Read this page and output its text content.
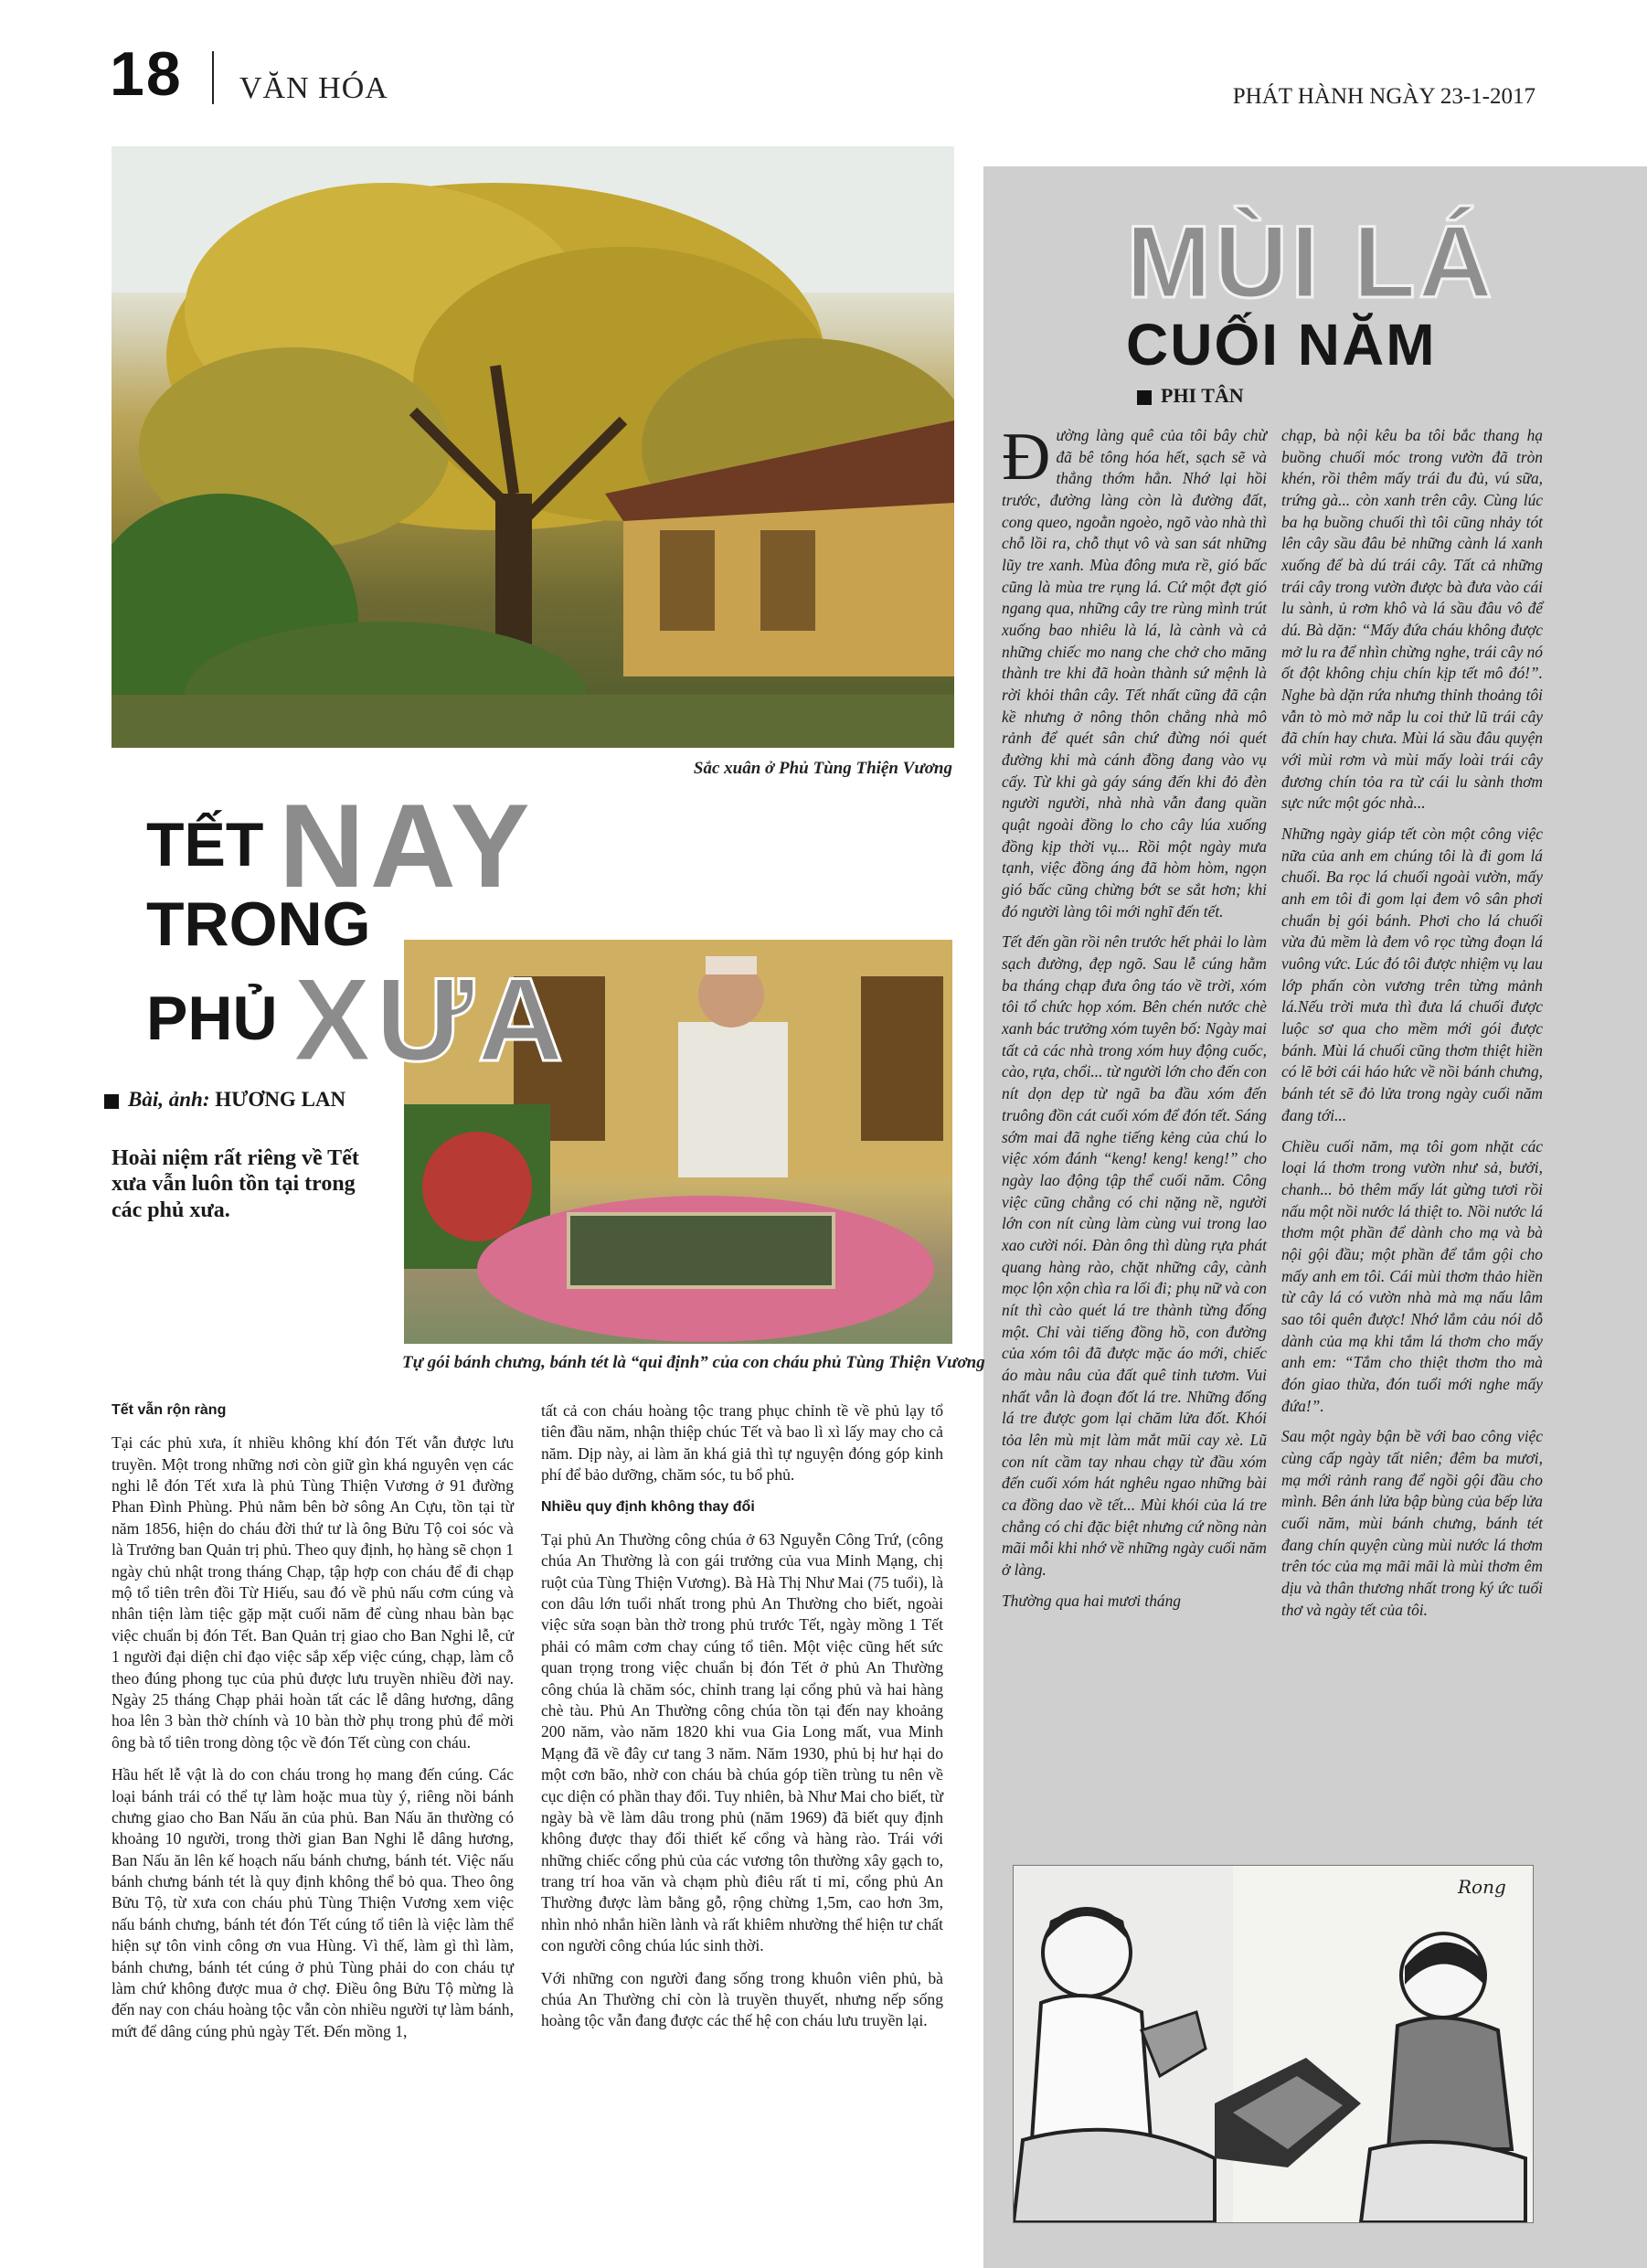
18 VĂN HÓA	PHÁT HÀNH NGÀY 23-1-2017
Sắc xuân ở Phủ Tùng Thiện Vương
NAY
TẾT
TRONG
Tự gói bánh chưng, bánh tét là “qui định” của con cháu phủ Tùng Thiện Vương
XƯA
PHỦ
Bài, ảnh: HƯƠNG LAN
Hoài niệm rất riêng về Tết xưa vẫn luôn tồn tại trong các phủ xưa.
Tết vẫn rộn ràng

Tại các phủ xưa, ít nhiều không khí đón Tết vẫn được lưu truyền. Một trong những nơi còn giữ gìn khá nguyên vẹn các nghi lễ đón Tết xưa là phủ Tùng Thiện Vương ở 91 đường Phan Đình Phùng. Phủ nằm bên bờ sông An Cựu, tồn tại từ năm 1856, hiện do cháu đời thứ tư là ông Bửu Tộ coi sóc và là Trưởng ban Quản trị phủ. Theo quy định, họ hàng sẽ chọn 1 ngày chủ nhật trong tháng Chạp, tập hợp con cháu để đi chạp mộ tổ tiên trên đồi Từ Hiếu, sau đó về phủ nấu cơm cúng và nhân tiện làm tiệc gặp mặt cuối năm để cùng nhau bàn bạc việc chuẩn bị đón Tết. Ban Quản trị giao cho Ban Nghi lễ, cử 1 người đại diện chỉ đạo việc sắp xếp việc cúng, chạp, làm cỗ theo đúng phong tục của phủ được lưu truyền nhiều đời nay. Ngày 25 tháng Chạp phải hoàn tất các lễ dâng hương, dâng hoa lên 3 bàn thờ chính và 10 bàn thờ phụ trong phủ để mời ông bà tổ tiên trong dòng tộc về đón Tết cùng con cháu.

Hầu hết lễ vật là do con cháu trong họ mang đến cúng. Các loại bánh trái có thể tự làm hoặc mua tùy ý, riêng nồi bánh chưng giao cho Ban Nấu ăn của phủ. Ban Nấu ăn thường có khoảng 10 người, trong thời gian Ban Nghi lễ dâng hương, Ban Nấu ăn lên kế hoạch nấu bánh chưng, bánh tét. Việc nấu bánh chưng bánh tét là quy định không thể bỏ qua. Theo ông Bửu Tộ, từ xưa con cháu phủ Tùng Thiện Vương xem việc nấu bánh chưng, bánh tét đón Tết cúng tổ tiên là việc làm thể hiện sự tôn vinh công ơn vua Hùng. Vì thế, làm gì thì làm, bánh chưng, bánh tét cúng ở phủ Tùng phải do con cháu tự làm chứ không được mua ở chợ. Điều ông Bửu Tộ mừng là đến nay con cháu hoàng tộc vẫn còn nhiều người tự làm bánh, mứt để dâng cúng phủ ngày Tết. Đến mồng 1,

tất cả con cháu hoàng tộc trang phục chỉnh tề về phủ lạy tổ tiên đầu năm, nhận thiệp chúc Tết và bao lì xì lấy may cho cả năm. Dịp này, ai làm ăn khá giả thì tự nguyện đóng góp kinh phí để bảo dưỡng, chăm sóc, tu bổ phủ.

Nhiều quy định không thay đổi

Tại phủ An Thường công chúa ở 63 Nguyễn Công Trứ, (công chúa An Thường là con gái trưởng của vua Minh Mạng, chị ruột của Tùng Thiện Vương). Bà Hà Thị Như Mai (75 tuổi), là con dâu lớn tuổi nhất trong phủ An Thường cho biết, ngoài việc sửa soạn bàn thờ trong phủ trước Tết, ngày mồng 1 Tết phải có mâm cơm chay cúng tổ tiên. Một việc cũng hết sức quan trọng trong việc chuẩn bị đón Tết ở phủ An Thường công chúa là chăm sóc, chỉnh trang lại cổng phủ và hai hàng chè tàu. Phủ An Thường công chúa tồn tại đến nay khoảng 200 năm, vào năm 1820 khi vua Gia Long mất, vua Minh Mạng đã về đây cư tang 3 năm. Năm 1930, phủ bị hư hại do một cơn bão, nhờ con cháu bà chúa góp tiền trùng tu nên về cục diện có phần thay đổi. Tuy nhiên, bà Như Mai cho biết, từ ngày bà về làm dâu trong phủ (năm 1969) đã biết quy định không được thay đổi thiết kế cổng và hàng rào. Trái với những chiếc cổng phủ của các vương tôn thường xây gạch to, trang trí hoa văn và chạm phù điêu rất tỉ mỉ, cổng phủ An Thường được làm bằng gỗ, rộng chừng 1,5m, cao hơn 3m, nhìn nhỏ nhắn hiền lành và rất khiêm nhường thể hiện tư chất con người công chúa lúc sinh thời.

Với những con người đang sống trong khuôn viên phủ, bà chúa An Thường chỉ còn là truyền thuyết, nhưng nếp sống hoàng tộc vẫn đang được các thế hệ con cháu lưu truyền lại.

MÙI LÁ
CUỐI NĂM
PHI TÂN

Đường làng quê của tôi bây chừ đã bê tông hóa hết, sạch sẽ và thẳng thớm hẳn. Nhớ lại hồi trước, đường làng còn là đường đất, cong queo, ngoằn ngoèo, ngõ vào nhà thì chỗ lồi ra, chỗ thụt vô và san sát những lũy tre xanh. Mùa đông mưa rề, gió bấc cũng là mùa tre rụng lá. Cứ một đợt gió ngang qua, những cây tre rùng mình trút xuống bao nhiêu là lá, là cành và cả những chiếc mo nang che chở cho măng thành tre khi đã hoàn thành sứ mệnh là rời khỏi thân cây. Tết nhất cũng đã cận kề nhưng ở nông thôn chẳng nhà mô rảnh để quét sân chứ đừng nói quét đường khi mà cánh đồng đang vào vụ cấy. Từ khi gà gáy sáng đến khi đỏ đèn người người, nhà nhà vẫn đang quần quật ngoài đồng lo cho cây lúa xuống đồng kịp thời vụ... Rồi một ngày mưa tạnh, việc đồng áng đã hòm hòm, ngọn gió bấc cũng chừng bớt se sắt hơn; khi đó người làng tôi mới nghĩ đến tết.

Tết đến gần rồi nên trước hết phải lo làm sạch đường, đẹp ngõ. Sau lễ cúng hằm ba tháng chạp đưa ông táo về trời, xóm tôi tổ chức họp xóm. Bên chén nước chè xanh bác trưởng xóm tuyên bố: Ngày mai tất cả các nhà trong xóm huy động cuốc, cào, rựa, chổi... từ người lớn cho đến con nít dọn dẹp từ ngã ba đầu xóm đến truông đồn cát cuối xóm để đón tết. Sáng sớm mai đã nghe tiếng kẻng của chú lo việc xóm đánh “keng! keng! keng!” cho ngày lao động tập thể cuối năm. Công việc cũng chẳng có chi nặng nề, người lớn con nít cùng làm cùng vui trong lao xao cười nói. Đàn ông thì dùng rựa phát quang hàng rào, chặt những cây, cành mọc lộn xộn chìa ra lối đi; phụ nữ và con nít thì cào quét lá tre thành từng đống một. Chỉ vài tiếng đồng hồ, con đường của xóm tôi đã được mặc áo mới, chiếc áo màu nâu của đất quê tinh tươm. Vui nhất vẫn là đoạn đốt lá tre. Những đống lá tre được gom lại chăm lửa đốt. Khói tỏa lên mù mịt làm mắt mũi cay xè. Lũ con nít cầm tay nhau chạy từ đầu xóm đến cuối xóm hát nghêu ngao những bài ca đồng dao về tết... Mùi khói của lá tre chẳng có chi đặc biệt nhưng cứ nồng nàn mãi mỗi khi nhớ về những ngày cuối năm ở làng.

Thường qua hai mươi tháng

chạp, bà nội kêu ba tôi bắc thang hạ buồng chuối móc trong vườn đã tròn khén, rồi thêm mấy trái đu đủ, vú sữa, trứng gà... còn xanh trên cây. Cùng lúc ba hạ buồng chuối thì tôi cũng nhảy tót lên cây sầu đâu bẻ những cành lá xanh xuống để bà dú trái cây. Tất cả những trái cây trong vườn được bà đưa vào cái lu sành, ủ rơm khô và lá sầu đâu vô để dú. Bà dặn: “Mấy đứa cháu không được mở lu ra để nhìn chừng nghe, trái cây nó ốt đột không chịu chín kịp tết mô đó!”. Nghe bà dặn rứa nhưng thỉnh thoảng tôi vẫn tò mò mở nắp lu coi thử lũ trái cây đã chín hay chưa. Mùi lá sầu đâu quyện với mùi rơm và mùi mấy loài trái cây đương chín tỏa ra từ cái lu sành thơm sực nức một góc nhà...

Những ngày giáp tết còn một công việc nữa của anh em chúng tôi là đi gom lá chuối. Ba rọc lá chuối ngoài vườn, mấy anh em tôi đi gom lại đem vô sân phơi chuẩn bị gói bánh. Phơi cho lá chuối vừa đủ mềm là đem vô rọc từng đoạn lá vuông vức. Lúc đó tôi được nhiệm vụ lau lớp phấn còn vương trên từng mảnh lá.Nếu trời mưa thì đưa lá chuối được luộc sơ qua cho mềm mới gói được bánh. Mùi lá chuối cũng thơm thiệt hiền có lẽ bởi cái háo hức về nồi bánh chưng, bánh tét sẽ đỏ lửa trong ngày cuối năm đang tới...

Chiều cuối năm, mạ tôi gom nhặt các loại lá thơm trong vườn như sả, bưởi, chanh... bỏ thêm mấy lát gừng tươi rồi nấu một nồi nước lá thiệt to. Nồi nước lá thơm một phần để dành cho mạ và bà nội gội đầu; một phần để tắm gội cho mấy anh em tôi. Cái mùi thơm thảo hiền từ cây lá có vườn nhà mà mạ nấu lâm sao tôi quên được! Nhớ lắm cảu nói dỗ dành của mạ khi tắm lá thơm cho mấy anh em: “Tắm cho thiệt thơm tho mà đón giao thừa, đón tuổi mới nghe mấy đứa!”.

Sau một ngày bận bề với bao công việc cùng cấp ngày tất niên; đêm ba mươi, mạ mới rảnh rang để ngồi gội đầu cho mình. Bên ánh lửa bập bùng của bếp lửa cuối năm, mùi bánh chưng, bánh tét đang chín quyện cùng mùi nước lá thơm trên tóc của mạ mãi mãi là mùi thơm êm dịu và thân thương nhất trong ký ức tuổi thơ và ngày tết của tôi.

Rong
